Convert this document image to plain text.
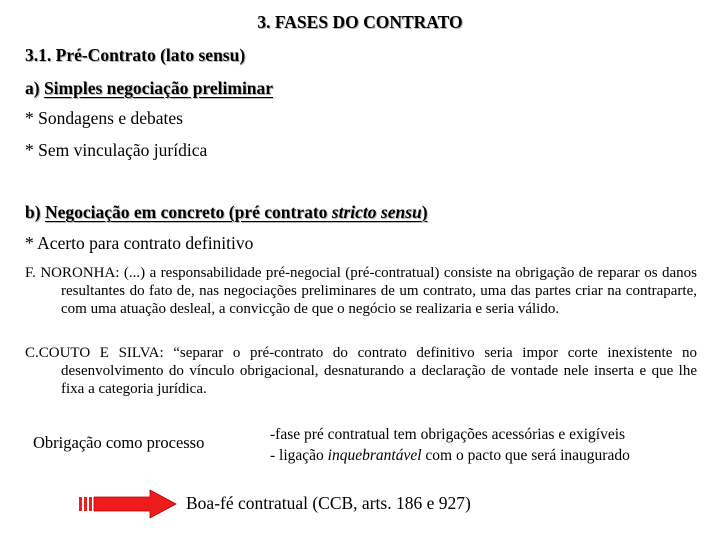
3. FASES DO CONTRATO
3.1. Pré-Contrato (lato sensu)
a) Simples negociação preliminar
* Sondagens e debates
* Sem vinculação jurídica
b) Negociação em concreto (pré contrato stricto sensu)
* Acerto para contrato definitivo
F. NORONHA: (...) a responsabilidade pré-negocial (pré-contratual) consiste na obrigação de reparar os danos resultantes do fato de, nas negociações preliminares de um contrato, uma das partes criar na contraparte, com uma atuação desleal, a convicção de que o negócio se realizaria e seria válido.
C.COUTO E SILVA: “separar o pré-contrato do contrato definitivo seria impor corte inexistente no desenvolvimento do vínculo obrigacional, desnaturando a declaração de vontade nele inserta e que lhe fixa a categoria jurídica.
Obrigação como processo	-fase pré contratual tem obrigações acessórias e exigíveis
- ligação inquebrantável com o pacto que será inaugurado
Boa-fé contratual (CCB, arts. 186 e 927)
